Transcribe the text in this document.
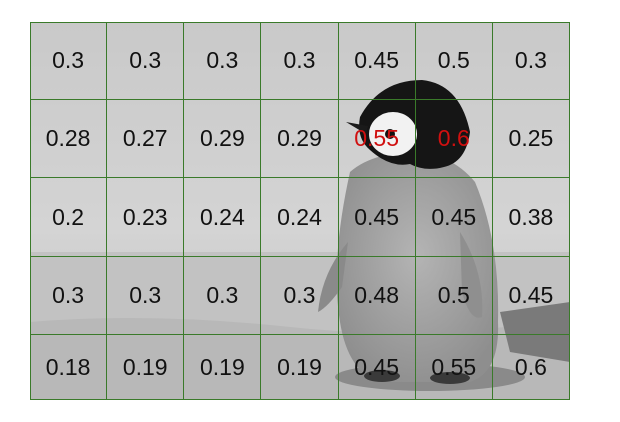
0.3	0.3	0.3	0.3	0.45	0.5	0.3
0.28	0.27	0.29	0.29	0.55	0.6	0.25
0.2	0.23	0.24	0.24	0.45	0.45	0.38
0.3	0.3	0.3	0.3	0.48	0.5	0.45
0.18	0.19	0.19	0.19	0.45	0.55	0.6
